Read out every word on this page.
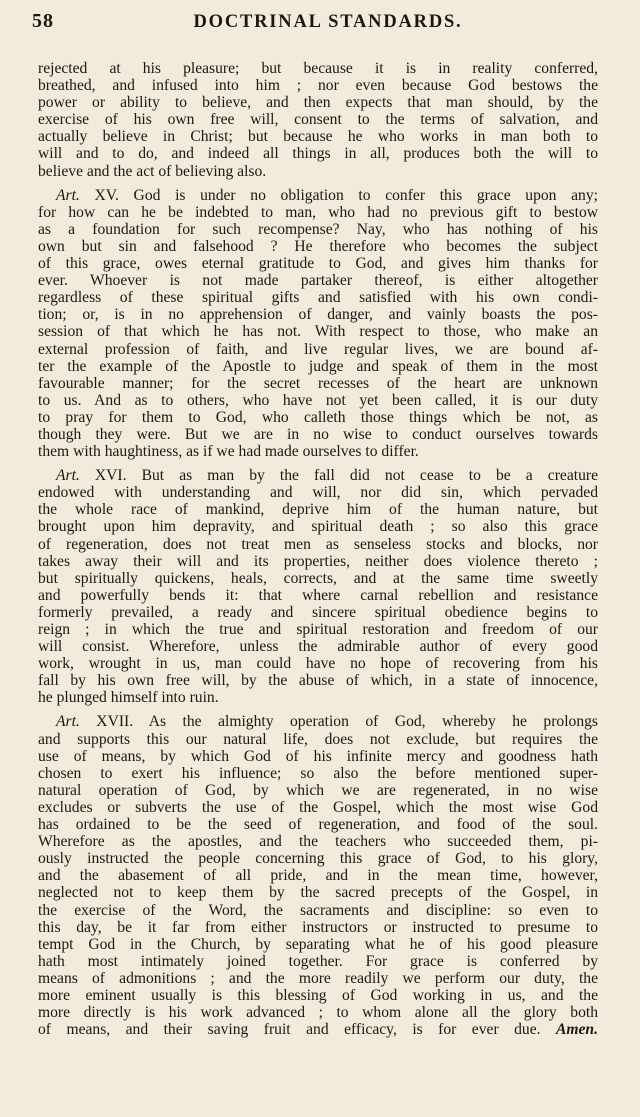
58	DOCTRINAL STANDARDS.
rejected at his pleasure; but because it is in reality conferred,
breathed, and infused into him ; nor even because God bestows the
power or ability to believe, and then expects that man should, by the
exercise of his own free will, consent to the terms of salvation, and
actually believe in Christ; but because he who works in man both to
will and to do, and indeed all things in all, produces both the will to
believe and the act of believing also.
Art. XV. God is under no obligation to confer this grace upon any;
for how can he be indebted to man, who had no previous gift to bestow
as a foundation for such recompense? Nay, who has nothing of his
own but sin and falsehood ? He therefore who becomes the subject
of this grace, owes eternal gratitude to God, and gives him thanks for
ever. Whoever is not made partaker thereof, is either altogether
regardless of these spiritual gifts and satisfied with his own condi-
tion; or, is in no apprehension of danger, and vainly boasts the pos-
session of that which he has not. With respect to those, who make an
external profession of faith, and live regular lives, we are bound af-
ter the example of the Apostle to judge and speak of them in the most
favourable manner; for the secret recesses of the heart are unknown
to us. And as to others, who have not yet been called, it is our duty
to pray for them to God, who calleth those things which be not, as
though they were. But we are in no wise to conduct ourselves towards
them with haughtiness, as if we had made ourselves to differ.
Art. XVI. But as man by the fall did not cease to be a creature
endowed with understanding and will, nor did sin, which pervaded
the whole race of mankind, deprive him of the human nature, but
brought upon him depravity, and spiritual death ; so also this grace
of regeneration, does not treat men as senseless stocks and blocks, nor
takes away their will and its properties, neither does violence thereto ;
but spiritually quickens, heals, corrects, and at the same time sweetly
and powerfully bends it: that where carnal rebellion and resistance
formerly prevailed, a ready and sincere spiritual obedience begins to
reign ; in which the true and spiritual restoration and freedom of our
will consist. Wherefore, unless the admirable author of every good
work, wrought in us, man could have no hope of recovering from his
fall by his own free will, by the abuse of which, in a state of innocence,
he plunged himself into ruin.
Art. XVII. As the almighty operation of God, whereby he prolongs
and supports this our natural life, does not exclude, but requires the
use of means, by which God of his infinite mercy and goodness hath
chosen to exert his influence; so also the before mentioned super-
natural operation of God, by which we are regenerated, in no wise
excludes or subverts the use of the Gospel, which the most wise God
has ordained to be the seed of regeneration, and food of the soul.
Wherefore as the apostles, and the teachers who succeeded them, pi-
ously instructed the people concerning this grace of God, to his glory,
and the abasement of all pride, and in the mean time, however,
neglected not to keep them by the sacred precepts of the Gospel, in
the exercise of the Word, the sacraments and discipline: so even to
this day, be it far from either instructors or instructed to presume to
tempt God in the Church, by separating what he of his good pleasure
hath most intimately joined together. For grace is conferred by
means of admonitions ; and the more readily we perform our duty, the
more eminent usually is this blessing of God working in us, and the
more directly is his work advanced ; to whom alone all the glory both
of means, and their saving fruit and efficacy, is for ever due. Amen.
